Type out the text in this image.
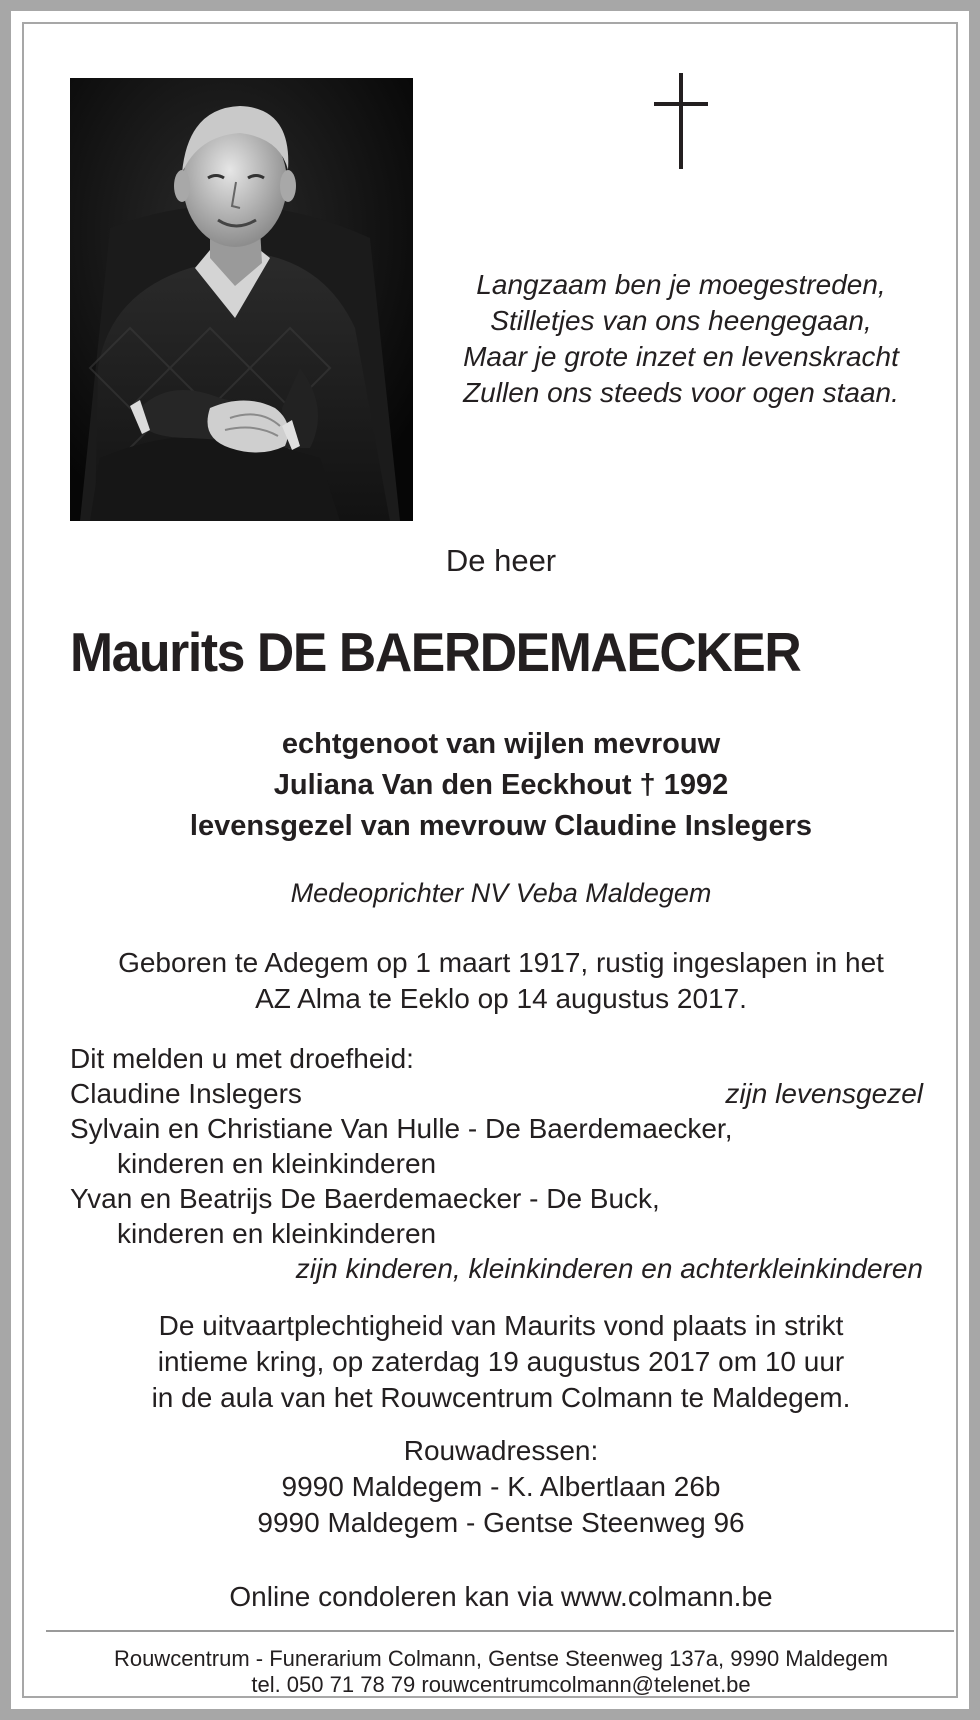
Langzaam ben je moegestreden,
Stilletjes van ons heengegaan,
Maar je grote inzet en levenskracht
Zullen ons steeds voor ogen staan.
De heer
Maurits DE BAERDEMAECKER
echtgenoot van wijlen mevrouw
Juliana Van den Eeckhout † 1992
levensgezel van mevrouw Claudine Inslegers
Medeoprichter NV Veba Maldegem
Geboren te Adegem op 1 maart 1917, rustig ingeslapen in het
AZ Alma te Eeklo op 14 augustus 2017.
Dit melden u met droefheid:
Claudine Inslegers	zijn levensgezel
Sylvain en Christiane Van Hulle - De Baerdemaecker,
kinderen en kleinkinderen
Yvan en Beatrijs De Baerdemaecker - De Buck,
kinderen en kleinkinderen
zijn kinderen, kleinkinderen en achterkleinkinderen
De uitvaartplechtigheid van Maurits vond plaats in strikt
intieme kring, op zaterdag 19 augustus 2017 om 10 uur
in de aula van het Rouwcentrum Colmann te Maldegem.
Rouwadressen:
9990 Maldegem - K. Albertlaan 26b
9990 Maldegem - Gentse Steenweg 96
Online condoleren kan via www.colmann.be
Rouwcentrum - Funerarium Colmann, Gentse Steenweg 137a, 9990 Maldegem
tel. 050 71 78 79 rouwcentrumcolmann@telenet.be
